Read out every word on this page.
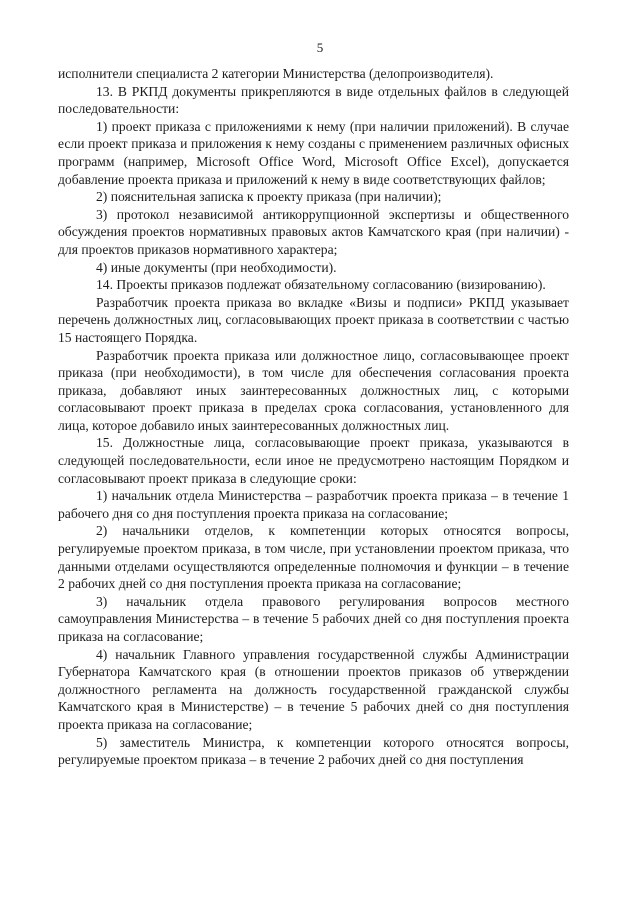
5

исполнители специалиста 2 категории Министерства (делопроизводителя).

13. В РКПД документы прикрепляются в виде отдельных файлов в следующей последовательности:

1) проект приказа с приложениями к нему (при наличии приложений). В случае если проект приказа и приложения к нему созданы с применением различных офисных программ (например, Microsoft Office Word, Microsoft Office Excel), допускается добавление проекта приказа и приложений к нему в виде соответствующих файлов;

2) пояснительная записка к проекту приказа (при наличии);

3) протокол независимой антикоррупционной экспертизы и общественного обсуждения проектов нормативных правовых актов Камчатского края (при наличии) - для проектов приказов нормативного характера;

4) иные документы (при необходимости).

14. Проекты приказов подлежат обязательному согласованию (визированию).

Разработчик проекта приказа во вкладке «Визы и подписи» РКПД указывает перечень должностных лиц, согласовывающих проект приказа в соответствии с частью 15 настоящего Порядка.

Разработчик проекта приказа или должностное лицо, согласовывающее проект приказа (при необходимости), в том числе для обеспечения согласования проекта приказа, добавляют иных заинтересованных должностных лиц, с которыми согласовывают проект приказа в пределах срока согласования, установленного для лица, которое добавило иных заинтересованных должностных лиц.

15. Должностные лица, согласовывающие проект приказа, указываются в следующей последовательности, если иное не предусмотрено настоящим Порядком и согласовывают проект приказа в следующие сроки:

1) начальник отдела Министерства – разработчик проекта приказа – в течение 1 рабочего дня со дня поступления проекта приказа на согласование;

2) начальники отделов, к компетенции которых относятся вопросы, регулируемые проектом приказа, в том числе, при установлении проектом приказа, что данными отделами осуществляются определенные полномочия и функции – в течение 2 рабочих дней со дня поступления проекта приказа на согласование;

3) начальник отдела правового регулирования вопросов местного самоуправления Министерства – в течение 5 рабочих дней со дня поступления проекта приказа на согласование;

4) начальник Главного управления государственной службы Администрации Губернатора Камчатского края (в отношении проектов приказов об утверждении должностного регламента на должность государственной гражданской службы Камчатского края в Министерстве) – в течение 5 рабочих дней со дня поступления проекта приказа на согласование;

5) заместитель Министра, к компетенции которого относятся вопросы, регулируемые проектом приказа – в течение 2 рабочих дней со дня поступления
